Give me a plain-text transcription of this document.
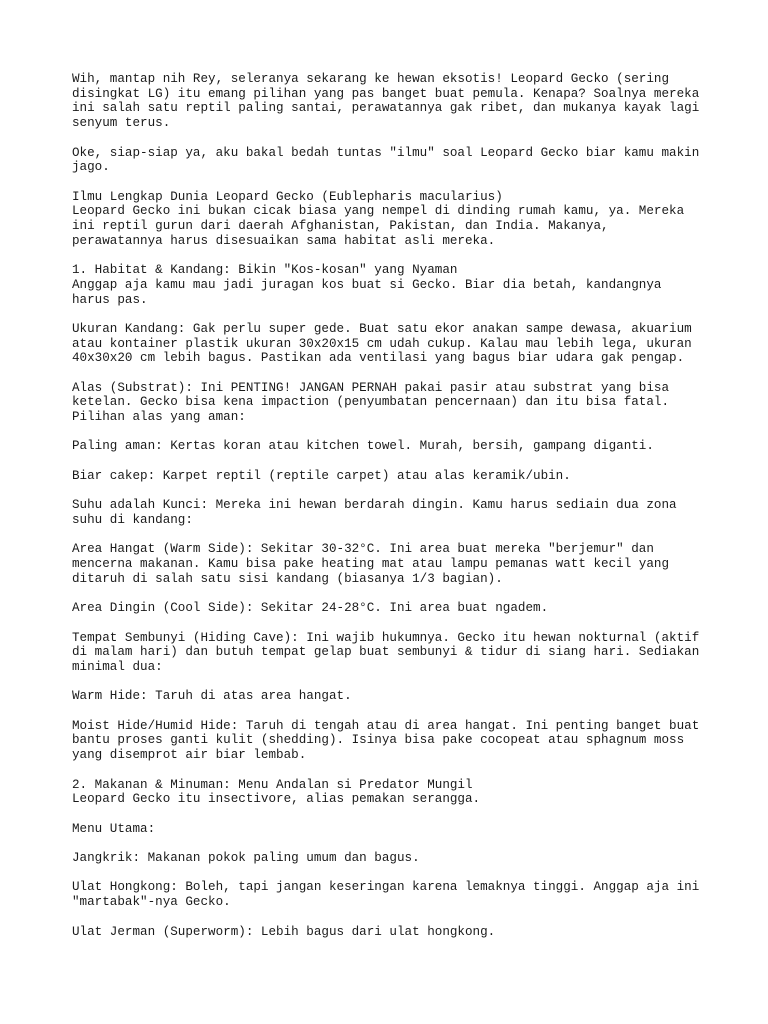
Wih, mantap nih Rey, seleranya sekarang ke hewan eksotis! Leopard Gecko (sering
disingkat LG) itu emang pilihan yang pas banget buat pemula. Kenapa? Soalnya mereka
ini salah satu reptil paling santai, perawatannya gak ribet, dan mukanya kayak lagi
senyum terus.
Oke, siap-siap ya, aku bakal bedah tuntas "ilmu" soal Leopard Gecko biar kamu makin
jago.
Ilmu Lengkap Dunia Leopard Gecko (Eublepharis macularius)
Leopard Gecko ini bukan cicak biasa yang nempel di dinding rumah kamu, ya. Mereka
ini reptil gurun dari daerah Afghanistan, Pakistan, dan India. Makanya,
perawatannya harus disesuaikan sama habitat asli mereka.
1. Habitat & Kandang: Bikin "Kos-kosan" yang Nyaman
Anggap aja kamu mau jadi juragan kos buat si Gecko. Biar dia betah, kandangnya
harus pas.
Ukuran Kandang: Gak perlu super gede. Buat satu ekor anakan sampe dewasa, akuarium
atau kontainer plastik ukuran 30x20x15 cm udah cukup. Kalau mau lebih lega, ukuran
40x30x20 cm lebih bagus. Pastikan ada ventilasi yang bagus biar udara gak pengap.
Alas (Substrat): Ini PENTING! JANGAN PERNAH pakai pasir atau substrat yang bisa
ketelan. Gecko bisa kena impaction (penyumbatan pencernaan) dan itu bisa fatal.
Pilihan alas yang aman:
Paling aman: Kertas koran atau kitchen towel. Murah, bersih, gampang diganti.
Biar cakep: Karpet reptil (reptile carpet) atau alas keramik/ubin.
Suhu adalah Kunci: Mereka ini hewan berdarah dingin. Kamu harus sediain dua zona
suhu di kandang:
Area Hangat (Warm Side): Sekitar 30-32°C. Ini area buat mereka "berjemur" dan
mencerna makanan. Kamu bisa pake heating mat atau lampu pemanas watt kecil yang
ditaruh di salah satu sisi kandang (biasanya 1/3 bagian).
Area Dingin (Cool Side): Sekitar 24-28°C. Ini area buat ngadem.
Tempat Sembunyi (Hiding Cave): Ini wajib hukumnya. Gecko itu hewan nokturnal (aktif
di malam hari) dan butuh tempat gelap buat sembunyi & tidur di siang hari. Sediakan
minimal dua:
Warm Hide: Taruh di atas area hangat.
Moist Hide/Humid Hide: Taruh di tengah atau di area hangat. Ini penting banget buat
bantu proses ganti kulit (shedding). Isinya bisa pake cocopeat atau sphagnum moss
yang disemprot air biar lembab.
2. Makanan & Minuman: Menu Andalan si Predator Mungil
Leopard Gecko itu insectivore, alias pemakan serangga.
Menu Utama:
Jangkrik: Makanan pokok paling umum dan bagus.
Ulat Hongkong: Boleh, tapi jangan keseringan karena lemaknya tinggi. Anggap aja ini
"martabak"-nya Gecko.
Ulat Jerman (Superworm): Lebih bagus dari ulat hongkong.
